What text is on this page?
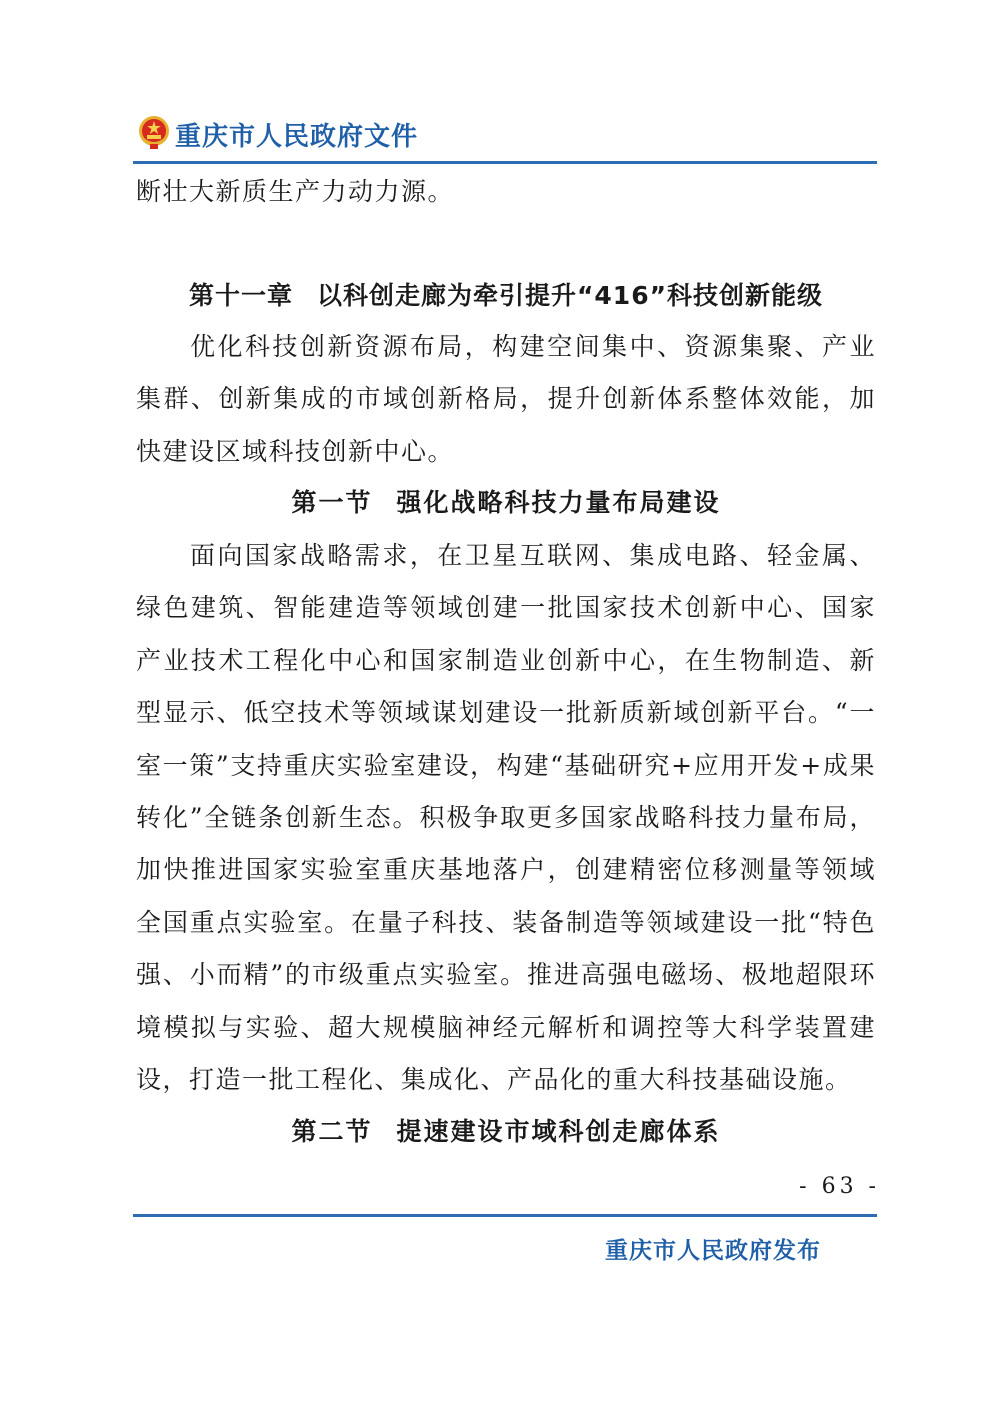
重庆市人民政府文件

断壮大新质生产力动力源。

第十一章 以科创走廊为牵引提升“416”科技创新能级

优化科技创新资源布局，构建空间集中、资源集聚、产业集群、创新集成的市域创新格局，提升创新体系整体效能，加快建设区域科技创新中心。

第一节 强化战略科技力量布局建设

面向国家战略需求，在卫星互联网、集成电路、轻金属、绿色建筑、智能建造等领域创建一批国家技术创新中心、国家产业技术工程化中心和国家制造业创新中心，在生物制造、新型显示、低空技术等领域谋划建设一批新质新域创新平台。“一室一策”支持重庆实验室建设，构建“基础研究+应用开发+成果转化”全链条创新生态。积极争取更多国家战略科技力量布局，加快推进国家实验室重庆基地落户，创建精密位移测量等领域全国重点实验室。在量子科技、装备制造等领域建设一批“特色强、小而精”的市级重点实验室。推进高强电磁场、极地超限环境模拟与实验、超大规模脑神经元解析和调控等大科学装置建设，打造一批工程化、集成化、产品化的重大科技基础设施。

第二节 提速建设市域科创走廊体系
- 63 -
重庆市人民政府发布
